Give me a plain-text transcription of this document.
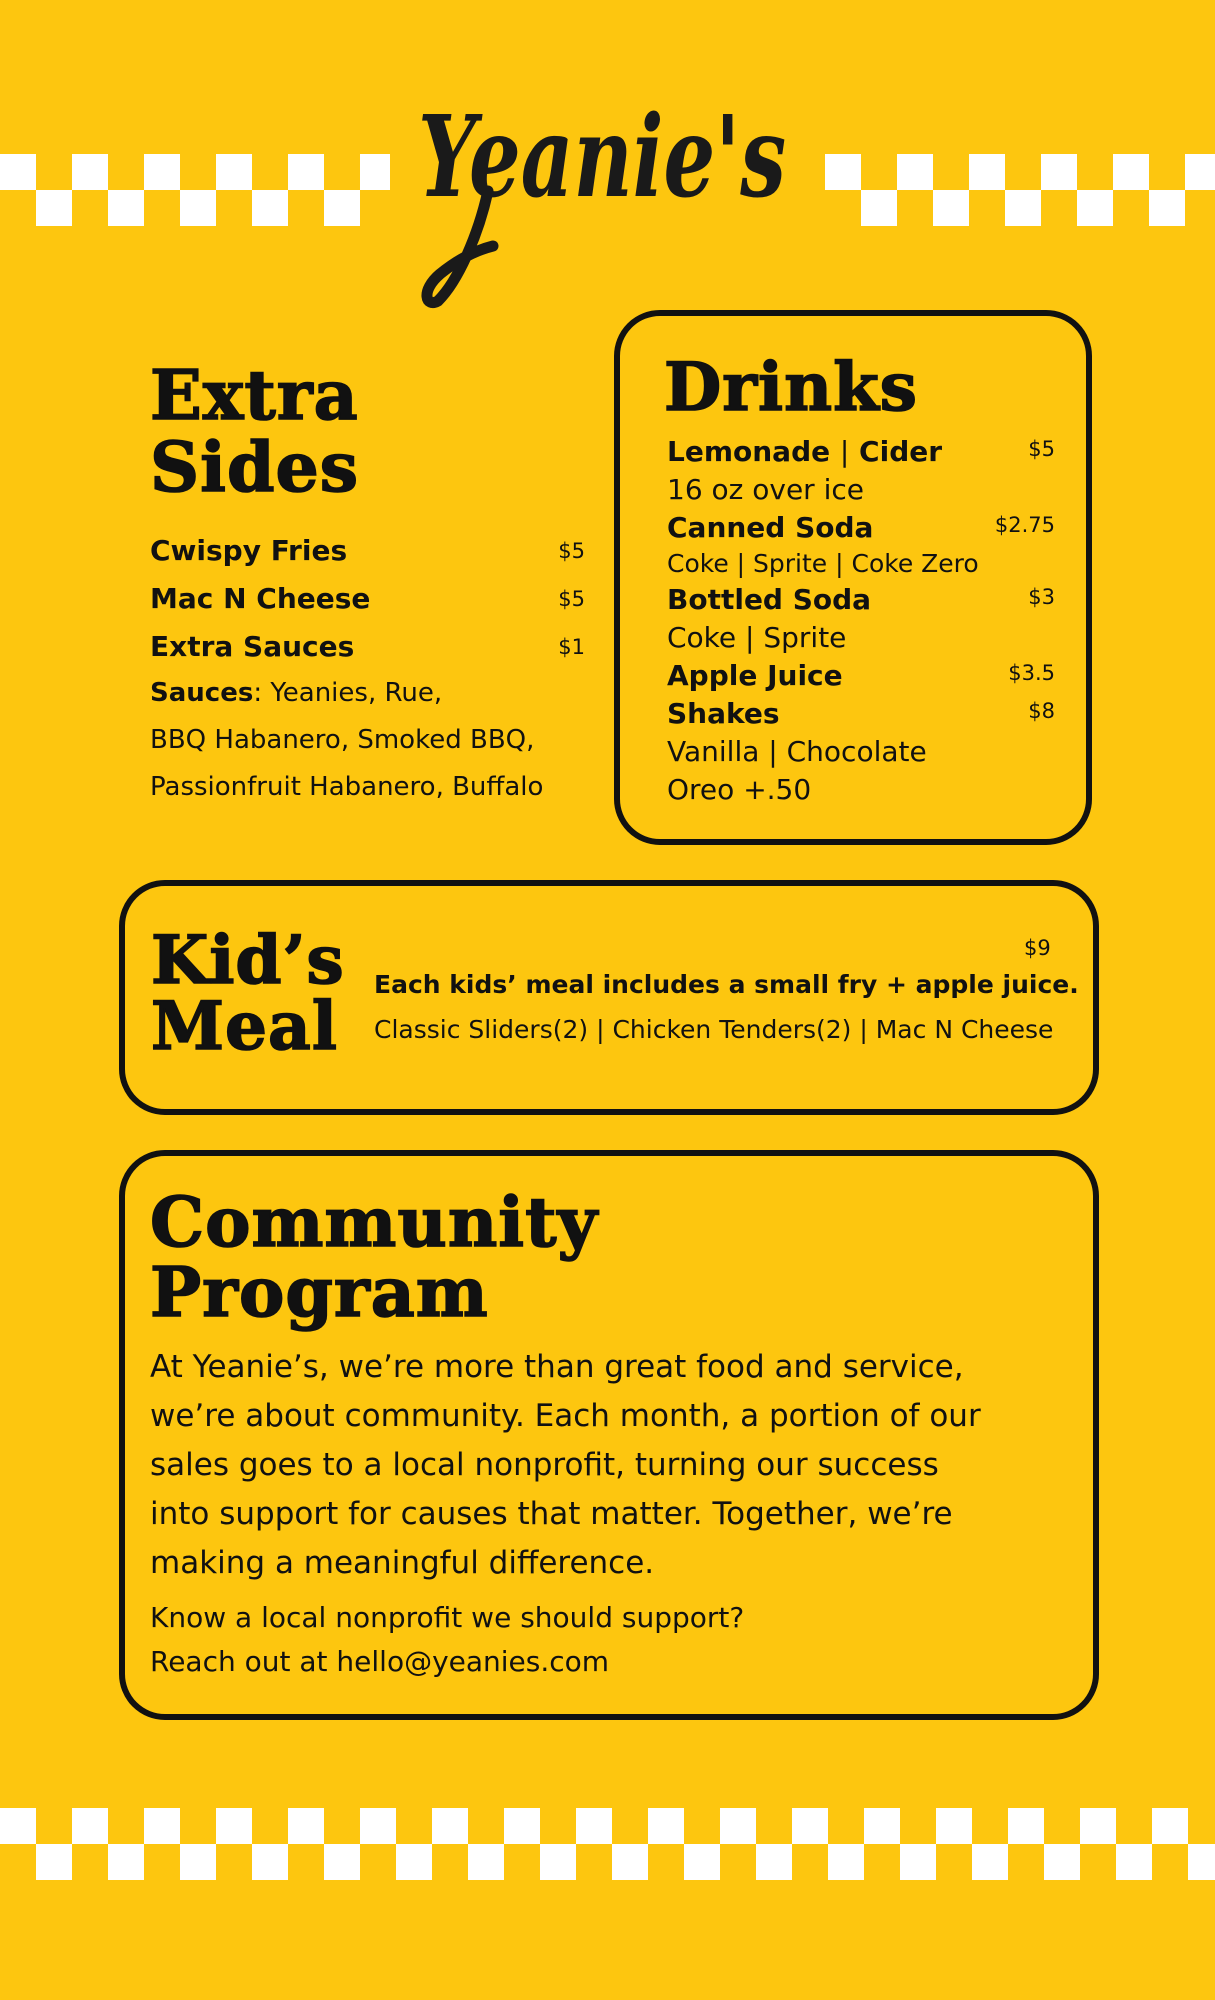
Yeanie's
Extra
Sides
Cwispy Fries	$5
Mac N Cheese	$5
Extra Sauces	$1
Sauces: Yeanies, Rue,
BBQ Habanero, Smoked BBQ,
Passionfruit Habanero, Buffalo
Drinks
Lemonade | Cider	$5
16 oz over ice
Canned Soda	$2.75
Coke | Sprite | Coke Zero
Bottled Soda	$3
Coke | Sprite
Apple Juice	$3.5
Shakes	$8
Vanilla | Chocolate
Oreo +.50
Kid’s
Meal
$9
Each kids’ meal includes a small fry + apple juice.
Classic Sliders(2) | Chicken Tenders(2) | Mac N Cheese
Community
Program
At Yeanie’s, we’re more than great food and service,
we’re about community. Each month, a portion of our
sales goes to a local nonprofit, turning our success
into support for causes that matter. Together, we’re
making a meaningful difference.
Know a local nonprofit we should support?
Reach out at hello@yeanies.com
